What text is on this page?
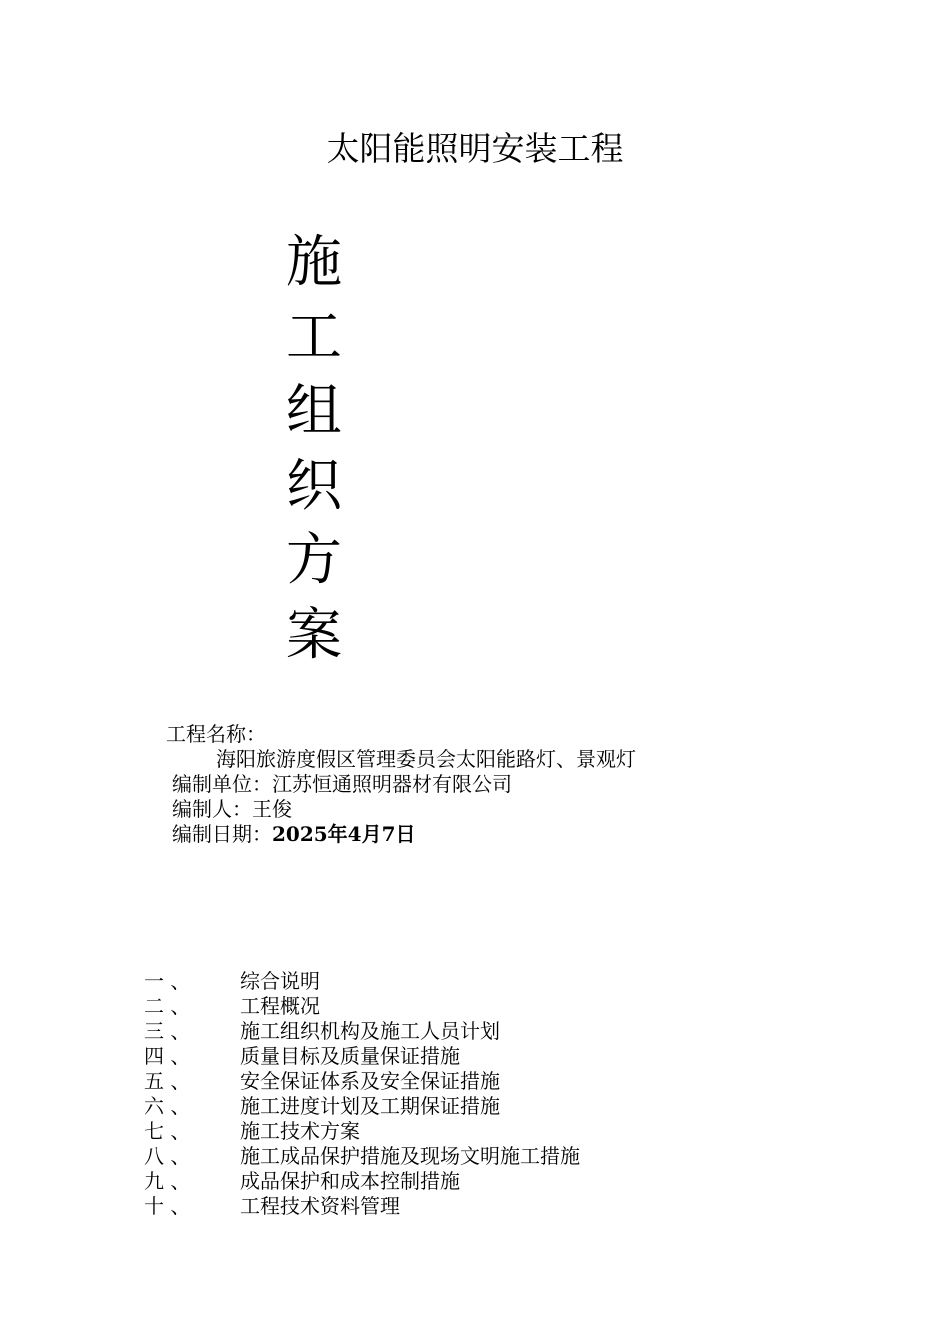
太阳能照明安装工程
施
工
组
织
方
案
工程名称：
海阳旅游度假区管理委员会太阳能路灯、景观灯
编制单位：江苏恒通照明器材有限公司
编制人：王俊
编制日期：2025年4月7日
一 、 综合说明
二 、 工程概况
三 、 施工组织机构及施工人员计划
四 、 质量目标及质量保证措施
五 、 安全保证体系及安全保证措施
六 、 施工进度计划及工期保证措施
七 、 施工技术方案
八 、 施工成品保护措施及现场文明施工措施
九 、 成品保护和成本控制措施
十 、 工程技术资料管理
